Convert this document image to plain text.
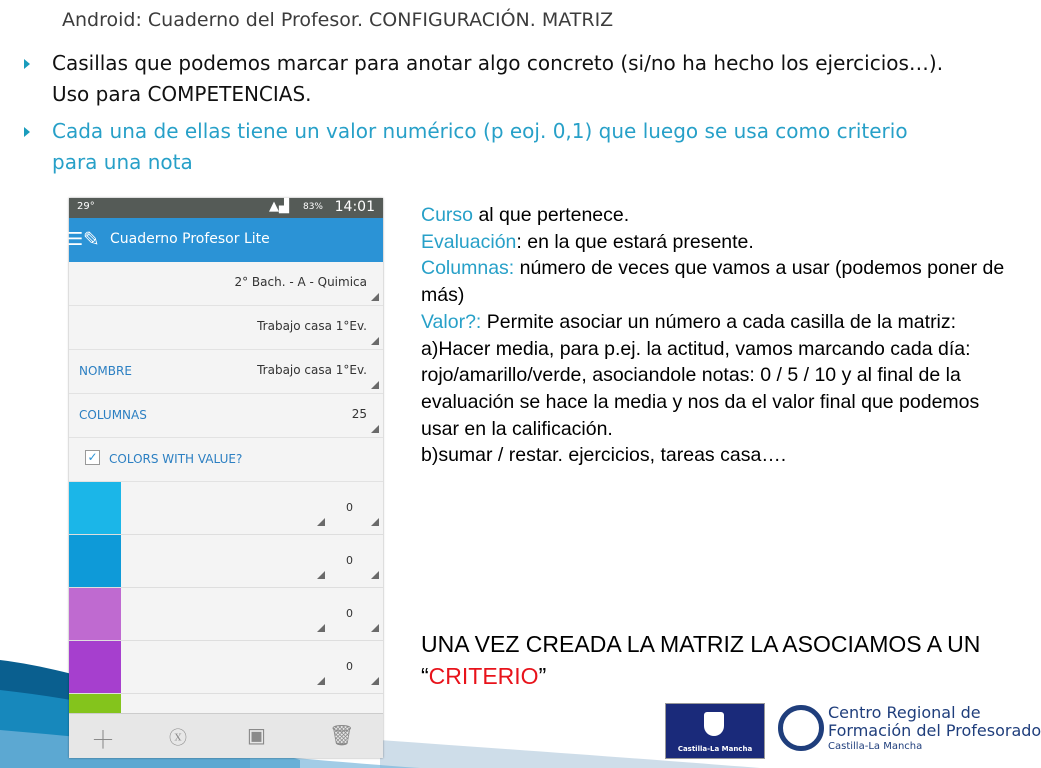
Android: Cuaderno del Profesor. CONFIGURACIÓN. MATRIZ
Casillas que podemos marcar para anotar algo concreto (si/no ha hecho los ejercicios…). Uso para COMPETENCIAS.
Cada una de ellas tiene un valor numérico (p eoj. 0,1) que luego se usa como criterio para una nota
29°	▲▟ 83% 14:01
☰ ✎ Cuaderno Profesor Lite
2° Bach. - A - Quimica
Trabajo casa 1°Ev.
NOMBRE	Trabajo casa 1°Ev.
COLUMNAS	25
✓ COLORS WITH VALUE?
0
0
0
0
＋	ⓧ	▣	🗑
Curso al que pertenece.
Evaluación: en la que estará presente.
Columnas: número de veces que vamos a usar (podemos poner de más)
Valor?: Permite asociar un número a cada casilla de la matriz:
a)Hacer media, para p.ej. la actitud, vamos marcando cada día: rojo/amarillo/verde, asociandole notas: 0 / 5 / 10 y al final de la evaluación se hace la media y nos da el valor final que podemos usar en la calificación.
b)sumar / restar. ejercicios, tareas casa….
UNA VEZ CREADA LA MATRIZ LA ASOCIAMOS A UN “CRITERIO”
Castilla-La Mancha
Centro Regional de
Formación del Profesorado
Castilla-La Mancha
